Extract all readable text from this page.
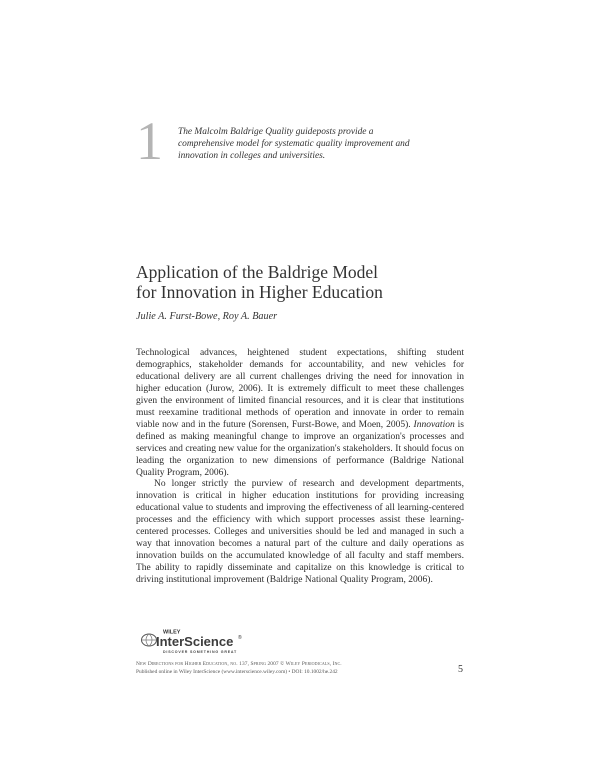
1 The Malcolm Baldrige Quality guideposts provide a comprehensive model for systematic quality improvement and innovation in colleges and universities.
Application of the Baldrige Model
for Innovation in Higher Education
Julie A. Furst-Bowe, Roy A. Bauer

Technological advances, heightened student expectations, shifting student demographics, stakeholder demands for accountability, and new vehicles for educational delivery are all current challenges driving the need for innovation in higher education (Jurow, 2006). It is extremely difficult to meet these challenges given the environment of limited financial resources, and it is clear that institutions must reexamine traditional methods of operation and innovate in order to remain viable now and in the future (Sorensen, Furst-Bowe, and Moen, 2005). Innovation is defined as making meaningful change to improve an organization's processes and services and creating new value for the organization's stakeholders. It should focus on leading the organization to new dimensions of performance (Baldrige National Quality Program, 2006).

No longer strictly the purview of research and development departments, innovation is critical in higher education institutions for providing increasing educational value to students and improving the effectiveness of all learning-centered processes and the efficiency with which support processes assist these learning-centered processes. Colleges and universities should be led and managed in such a way that innovation becomes a natural part of the culture and daily operations as innovation builds on the accumulated knowledge of all faculty and staff members. The ability to rapidly disseminate and capitalize on this knowledge is critical to driving institutional improvement (Baldrige National Quality Program, 2006).

WILEY
InterScience ®
DISCOVER SOMETHING GREAT
New Directions for Higher Education, no. 137, Spring 2007 © Wiley Periodicals, Inc.
Published online in Wiley InterScience (www.interscience.wiley.com) • DOI: 10.1002/he.242	5
